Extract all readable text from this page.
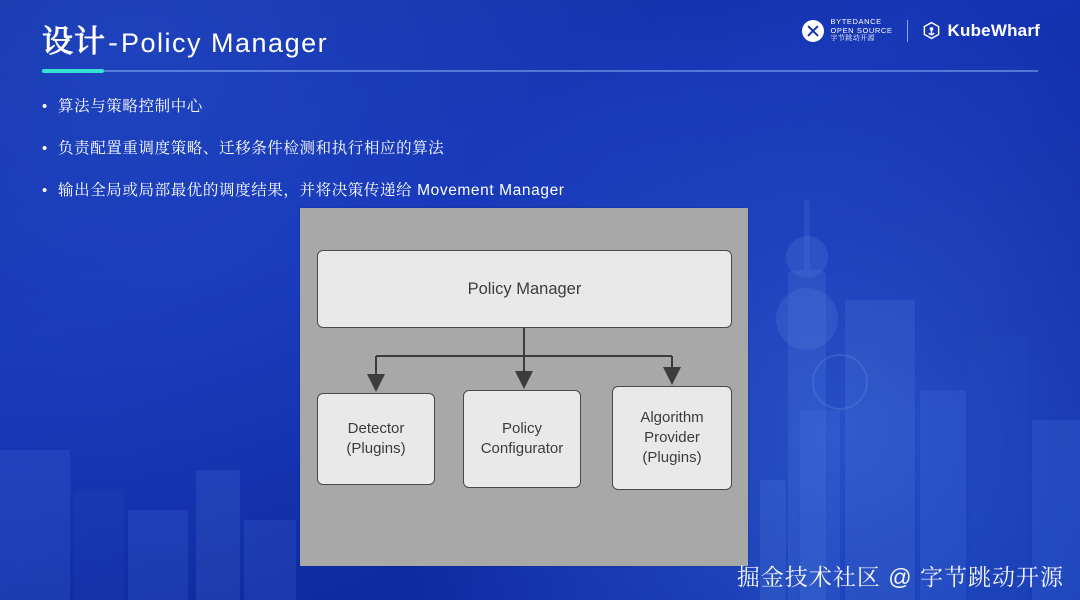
设计-Policy Manager
BYTEDANCE
OPEN SOURCE
字节跳动开源	KubeWharf
• 算法与策略控制中心
• 负责配置重调度策略、迁移条件检测和执行相应的算法
• 输出全局或局部最优的调度结果，并将决策传递给 Movement Manager
Policy Manager
Detector
(Plugins)
Policy
Configurator
Algorithm
Provider
(Plugins)
掘金技术社区 @ 字节跳动开源
